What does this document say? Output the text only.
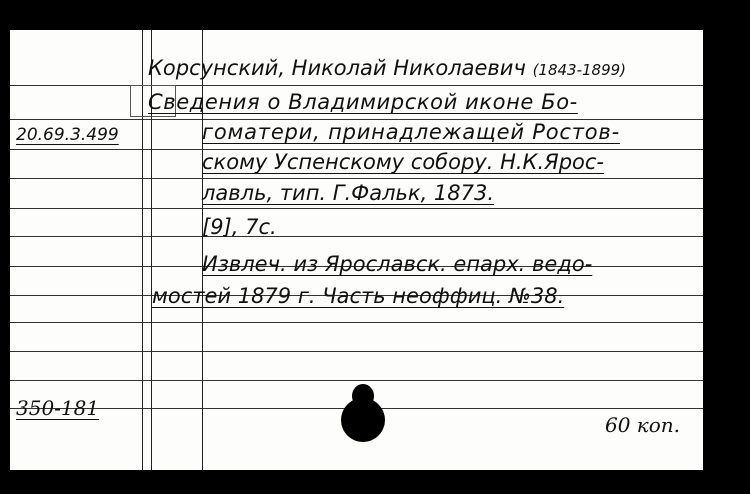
Корсунский, Николай Николаевич (1843-1899)
Сведения о Владимирской иконе Бо-
гоматери, принадлежащей Ростов-
скому Успенскому собору. Н.К.Ярос-
лавль, тип. Г.Фальк, 1873.
[9], 7с.
Извлеч. из Ярославск. епарх. ведо-
мостей 1879 г. Часть неоффиц. №38.
20.69.3.499
350-181
60 коп.
